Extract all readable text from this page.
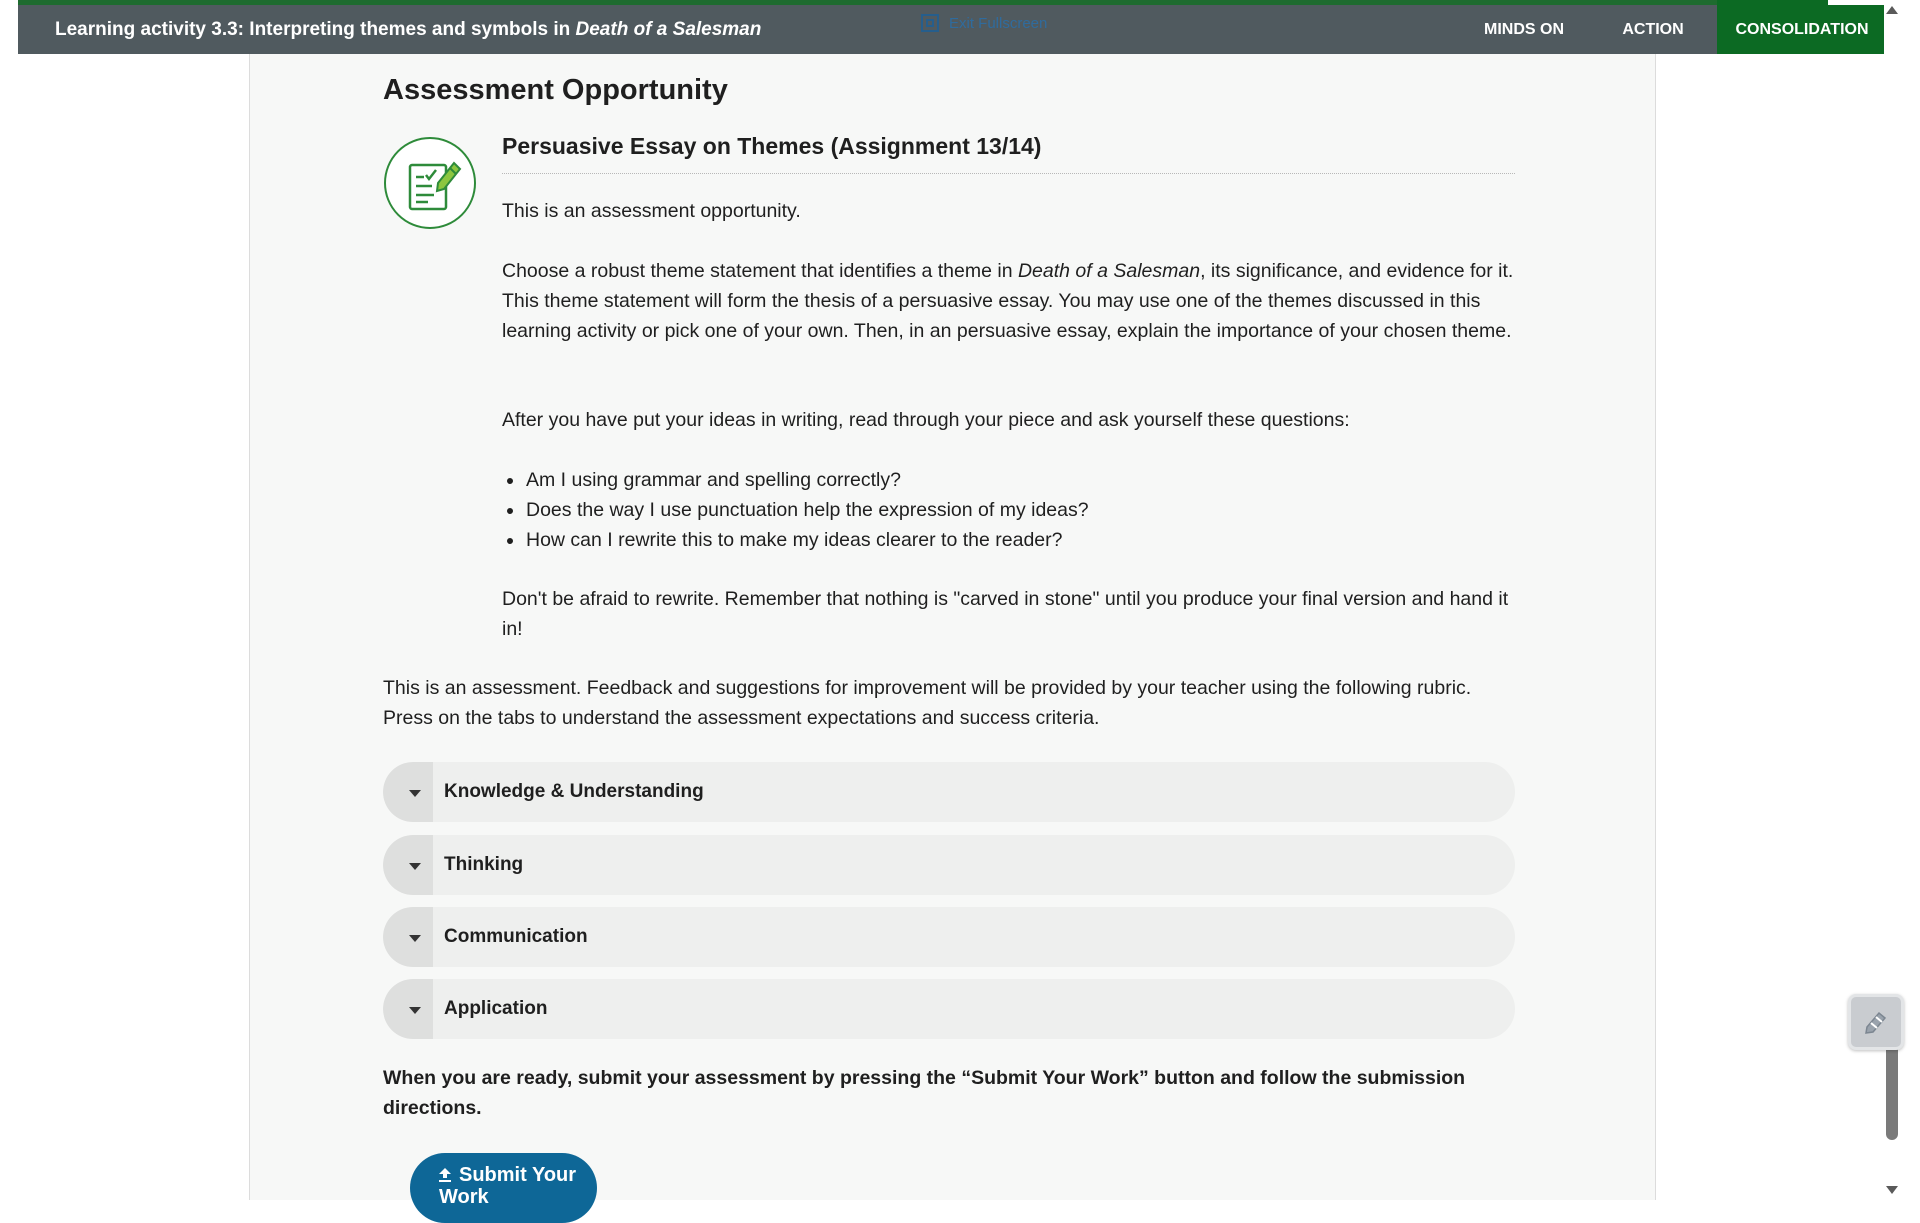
Learning activity 3.3: Interpreting themes and symbols in Death of a Salesman	Exit Fullscreen	MINDS ON	ACTION	CONSOLIDATION
Assessment Opportunity
Persuasive Essay on Themes (Assignment 13/14)
This is an assessment opportunity.
Choose a robust theme statement that identifies a theme in Death of a Salesman, its significance, and evidence for it. This theme statement will form the thesis of a persuasive essay. You may use one of the themes discussed in this learning activity or pick one of your own. Then, in an persuasive essay, explain the importance of your chosen theme.
After you have put your ideas in writing, read through your piece and ask yourself these questions:
Am I using grammar and spelling correctly?
Does the way I use punctuation help the expression of my ideas?
How can I rewrite this to make my ideas clearer to the reader?
Don't be afraid to rewrite. Remember that nothing is "carved in stone" until you produce your final version and hand it in!
This is an assessment. Feedback and suggestions for improvement will be provided by your teacher using the following rubric. Press on the tabs to understand the assessment expectations and success criteria.
Knowledge & Understanding
Thinking
Communication
Application
When you are ready, submit your assessment by pressing the “Submit Your Work” button and follow the submission directions.
Submit Your Work
